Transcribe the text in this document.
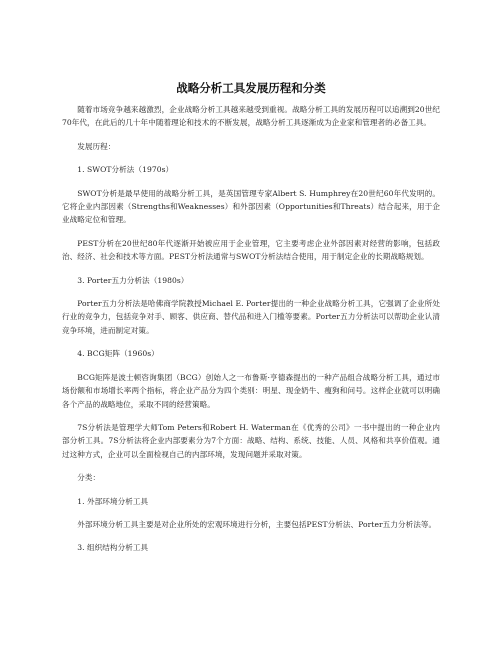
战略分析工具发展历程和分类

随着市场竞争越来越激烈，企业战略分析工具越来越受到重视。战略分析工具的发展历程可以追溯到20世纪70年代，在此后的几十年中随着理论和技术的不断发展，战略分析工具逐渐成为企业家和管理者的必备工具。

发展历程：

1. SWOT分析法（1970s）

SWOT分析是最早使用的战略分析工具，是英国管理专家Albert S. Humphrey在20世纪60年代发明的。它将企业内部因素（Strengths和Weaknesses）和外部因素（Opportunities和Threats）结合起来，用于企业战略定位和管理。

PEST分析在20世纪80年代逐渐开始被应用于企业管理，它主要考虑企业外部因素对经营的影响，包括政治、经济、社会和技术等方面。PEST分析法通常与SWOT分析法结合使用，用于制定企业的长期战略规划。

3. Porter五力分析法（1980s）

Porter五力分析法是哈佛商学院教授Michael E. Porter提出的一种企业战略分析工具，它强调了企业所处行业的竞争力，包括竞争对手、顾客、供应商、替代品和进入门槛等要素。Porter五力分析法可以帮助企业认清竞争环境，进而制定对策。

4. BCG矩阵（1960s）

BCG矩阵是波士顿咨询集团（BCG）创始人之一布鲁斯·亨德森提出的一种产品组合战略分析工具，通过市场份额和市场增长率两个指标，将企业产品分为四个类别：明星、现金奶牛、瘦狗和问号。这样企业就可以明确各个产品的战略地位，采取不同的经营策略。

7S分析法是管理学大师Tom Peters和Robert H. Waterman在《优秀的公司》一书中提出的一种企业内部分析工具。7S分析法将企业内部要素分为7个方面：战略、结构、系统、技能、人员、风格和共享价值观。通过这种方式，企业可以全面检视自己的内部环境，发现问题并采取对策。

分类：

1. 外部环境分析工具

外部环境分析工具主要是对企业所处的宏观环境进行分析，主要包括PEST分析法、Porter五力分析法等。

3. 组织结构分析工具
